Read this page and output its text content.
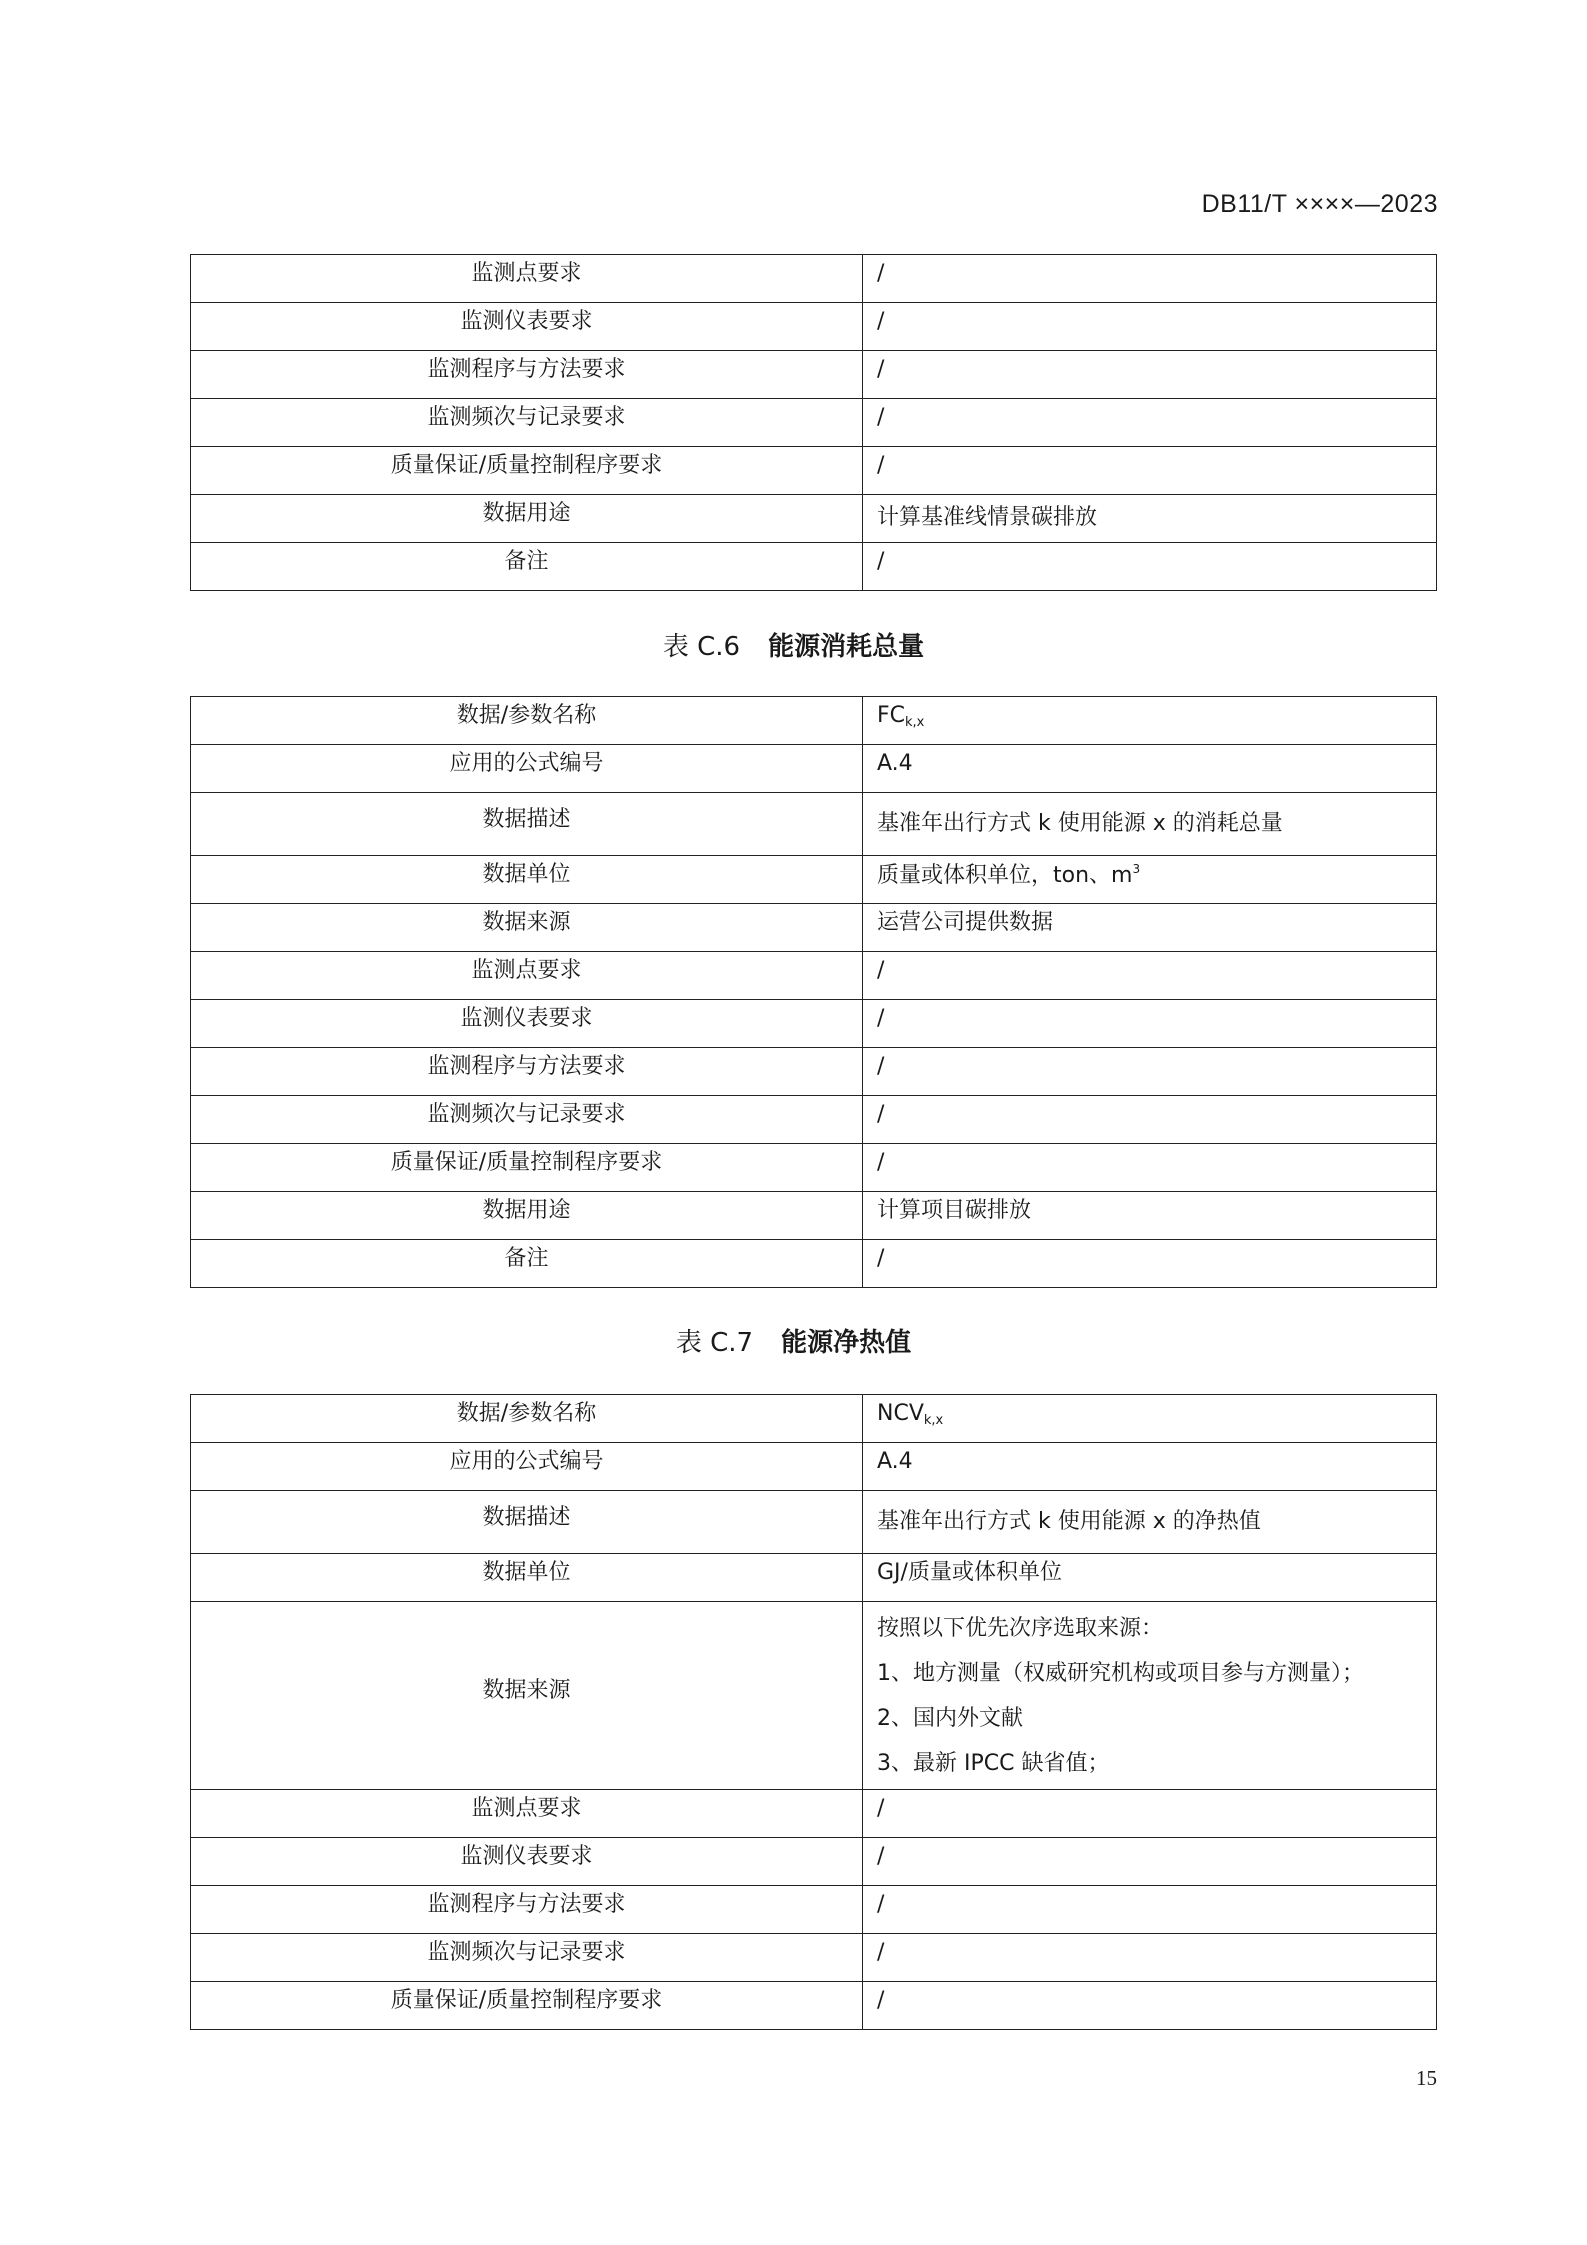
DB11/T ××××—2023
监测点要求	/
监测仪表要求	/
监测程序与方法要求	/
监测频次与记录要求	/
质量保证/质量控制程序要求	/
数据用途	计算基准线情景碳排放
备注	/
表 C.6 能源消耗总量
数据/参数名称	$FC_{k,x}$
应用的公式编号	A.4
数据描述	基准年出行方式 k 使用能源 x 的消耗总量
数据单位	质量或体积单位，ton、$m^3$
数据来源	运营公司提供数据
监测点要求	/
监测仪表要求	/
监测程序与方法要求	/
监测频次与记录要求	/
质量保证/质量控制程序要求	/
数据用途	计算项目碳排放
备注	/
表 C.7 能源净热值
数据/参数名称	$NCV_{k,x}$
应用的公式编号	A.4
数据描述	基准年出行方式 k 使用能源 x 的净热值
数据单位	GJ/质量或体积单位
数据来源	按照以下优先次序选取来源：
1、地方测量（权威研究机构或项目参与方测量）；
2、国内外文献
3、最新 IPCC 缺省值；

监测点要求	/
监测仪表要求	/
监测程序与方法要求	/
监测频次与记录要求	/
质量保证/质量控制程序要求	/
15
